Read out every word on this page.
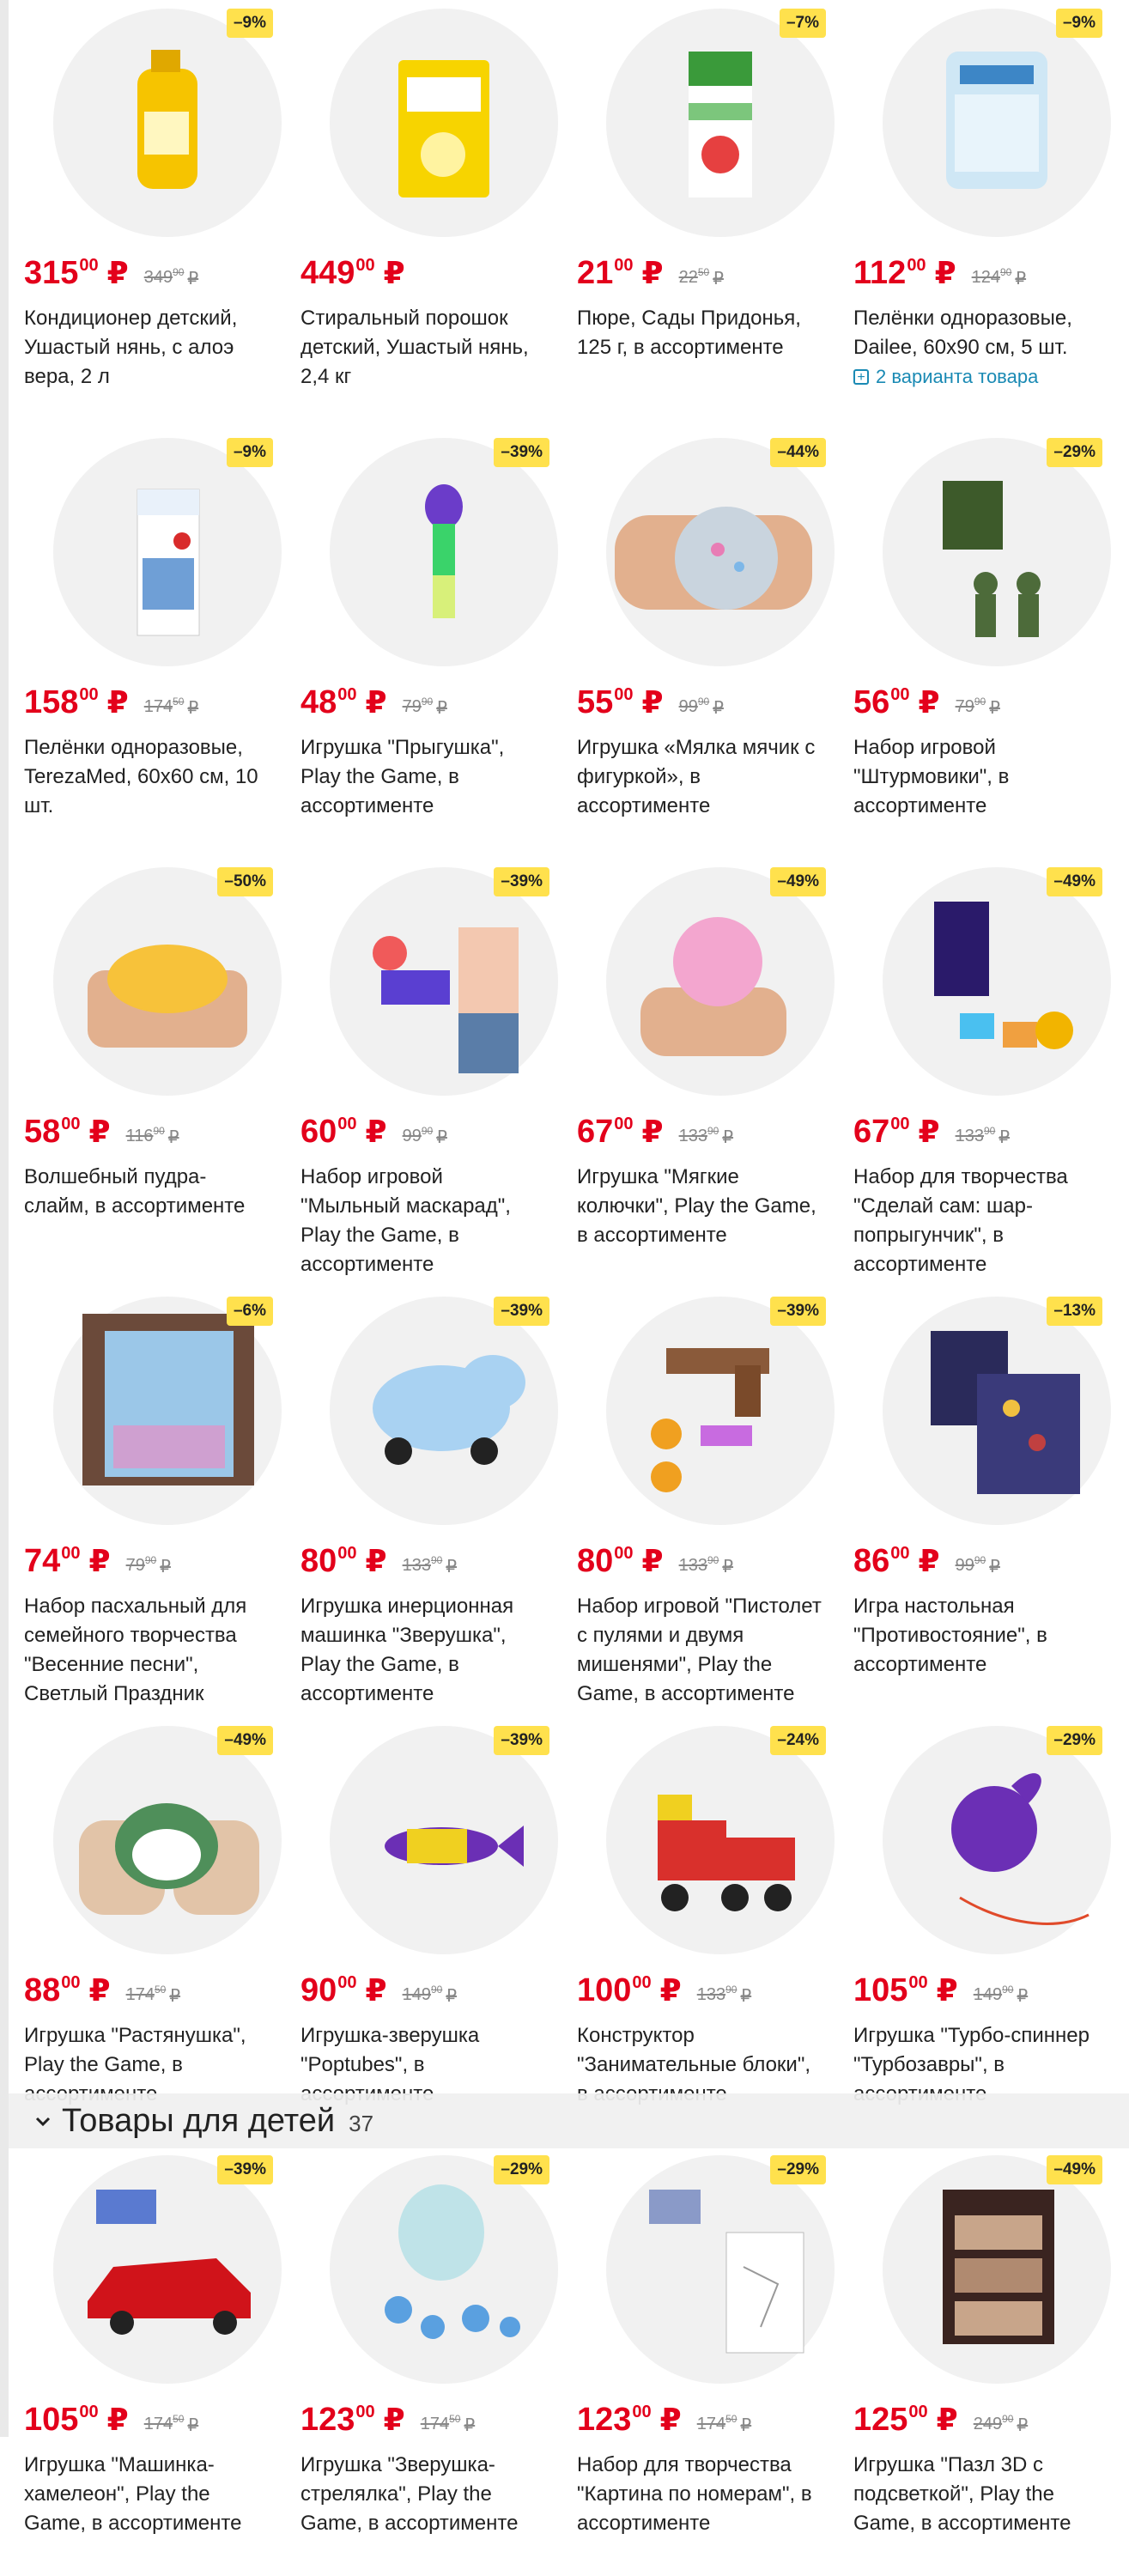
–9%
315 00 ₽ 349 90 ₽
Кондиционер детский, Ушастый нянь, с алоэ вера, 2 л
449 00 ₽
Стиральный порошок детский, Ушастый нянь, 2,4 кг
–7%
21 00 ₽ 22 50 ₽
Пюре, Сады Придонья, 125 г, в ассортименте
–9%
112 00 ₽ 124 90 ₽
Пелёнки одноразовые, Dailee, 60х90 см, 5 шт.
+ 2 варианта товара
–9%
158 00 ₽ 174 50 ₽
Пелёнки одноразовые, TerezaMed, 60х60 см, 10 шт.
–39%
48 00 ₽ 79 90 ₽
Игрушка "Прыгушка", Play the Game, в ассортименте
–44%
55 00 ₽ 99 90 ₽
Игрушка «Мялка мячик с фигуркой», в ассортименте
–29%
56 00 ₽ 79 90 ₽
Набор игровой "Штурмовики", в ассортименте
–50%
58 00 ₽ 116 90 ₽
Волшебный пудра-слайм, в ассортименте
–39%
60 00 ₽ 99 90 ₽
Набор игровой "Мыльный маскарад", Play the Game, в ассортименте
–49%
67 00 ₽ 133 90 ₽
Игрушка "Мягкие колючки", Play the Game, в ассортименте
–49%
67 00 ₽ 133 90 ₽
Набор для творчества "Сделай сам: шар-попрыгунчик", в ассортименте
–6%
74 00 ₽ 79 90 ₽
Набор пасхальный для семейного творчества "Весенние песни", Светлый Праздник
–39%
80 00 ₽ 133 90 ₽
Игрушка инерционная машинка "Зверушка", Play the Game, в ассортименте
–39%
80 00 ₽ 133 90 ₽
Набор игровой "Пистолет с пулями и двумя мишенями", Play the Game, в ассортименте
–13%
86 00 ₽ 99 90 ₽
Игра настольная "Противостояние", в ассортименте
–49%
88 00 ₽ 174 50 ₽
Игрушка "Растянушка", Play the Game, в
–39%
90 00 ₽ 149 90 ₽
Игрушка-зверушка "Poptubes", в
–24%
100 00 ₽ 133 90 ₽
Конструктор "Занимательные блоки",
–29%
105 00 ₽ 149 90 ₽
Игрушка "Турбо-спиннер "Турбозавры", в
–39%
105 00 ₽ 174 50 ₽
Игрушка "Машинка-хамелеон", Play the Game, в ассортименте
–29%
123 00 ₽ 174 50 ₽
Игрушка "Зверушка-стрелялка", Play the Game, в ассортименте
–29%
123 00 ₽ 174 50 ₽
Набор для творчества "Картина по номерам", в ассортименте
–49%
125 00 ₽ 249 90 ₽
Игрушка "Пазл 3D с подсветкой", Play the Game, в ассортименте
Товары для детей 37
